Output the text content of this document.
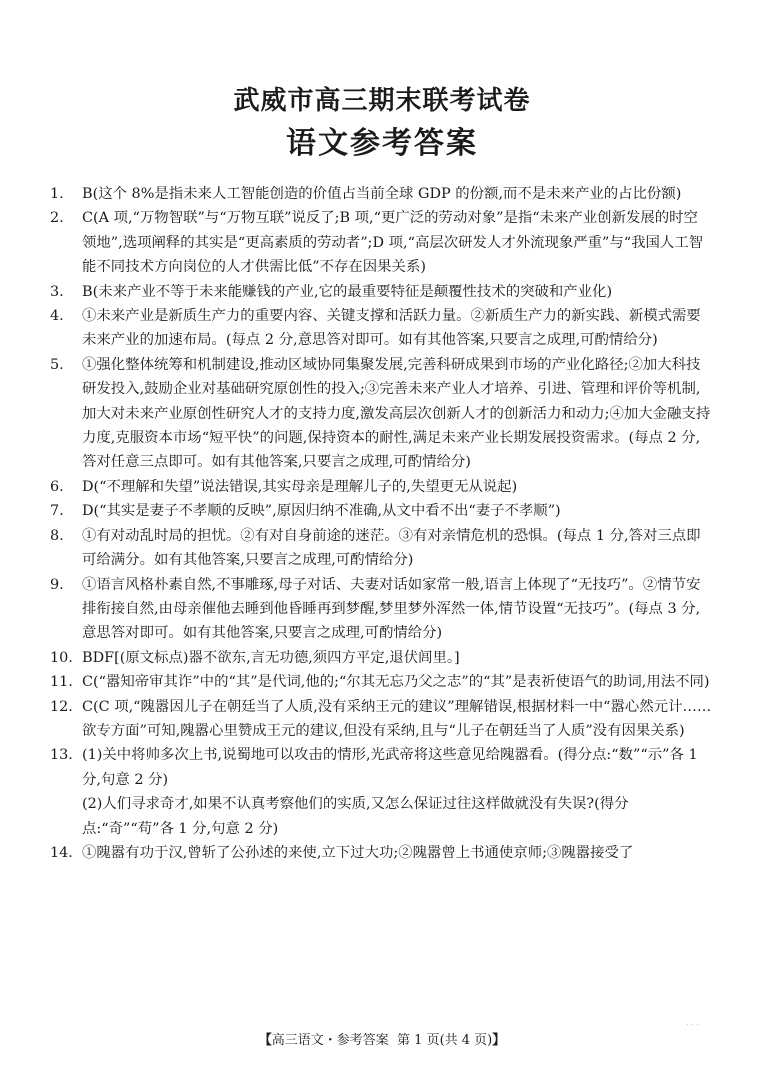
武威市高三期末联考试卷
语文参考答案
1. B(这个 8%是指未来人工智能创造的价值占当前全球 GDP 的份额,而不是未来产业的占比份额)
2. C(A 项,“万物智联”与“万物互联”说反了;B 项,“更广泛的劳动对象”是指“未来产业创新发展的时空领地”,选项阐释的其实是“更高素质的劳动者”;D 项,“高层次研发人才外流现象严重”与“我国人工智能不同技术方向岗位的人才供需比低”不存在因果关系)
3. B(未来产业不等于未来能赚钱的产业,它的最重要特征是颠覆性技术的突破和产业化)
4. ①未来产业是新质生产力的重要内容、关键支撑和活跃力量。②新质生产力的新实践、新模式需要未来产业的加速布局。(每点 2 分,意思答对即可。如有其他答案,只要言之成理,可酌情给分)
5. ①强化整体统筹和机制建设,推动区域协同集聚发展,完善科研成果到市场的产业化路径;②加大科技研发投入,鼓励企业对基础研究原创性的投入;③完善未来产业人才培养、引进、管理和评价等机制,加大对未来产业原创性研究人才的支持力度,激发高层次创新人才的创新活力和动力;④加大金融支持力度,克服资本市场“短平快”的问题,保持资本的耐性,满足未来产业长期发展投资需求。(每点 2 分,答对任意三点即可。如有其他答案,只要言之成理,可酌情给分)
6. D(“不理解和失望”说法错误,其实母亲是理解儿子的,失望更无从说起)
7. D(“其实是妻子不孝顺的反映”,原因归纳不准确,从文中看不出“妻子不孝顺”)
8. ①有对动乱时局的担忧。②有对自身前途的迷茫。③有对亲情危机的恐惧。(每点 1 分,答对三点即可给满分。如有其他答案,只要言之成理,可酌情给分)
9. ①语言风格朴素自然,不事雕琢,母子对话、夫妻对话如家常一般,语言上体现了“无技巧”。②情节安排衔接自然,由母亲催他去睡到他昏睡再到梦醒,梦里梦外浑然一体,情节设置“无技巧”。(每点 3 分,意思答对即可。如有其他答案,只要言之成理,可酌情给分)
10. BDF[(原文标点)器不欲东,言无功德,须四方平定,退伏闾里。]
11. C(“嚣知帝审其诈”中的“其”是代词,他的;“尔其无忘乃父之志”的“其”是表祈使语气的助词,用法不同)
12. C(C 项,“隗嚣因儿子在朝廷当了人质,没有采纳王元的建议”理解错误,根据材料一中“嚣心然元计……欲专方面”可知,隗嚣心里赞成王元的建议,但没有采纳,且与“儿子在朝廷当了人质”没有因果关系)
13. (1)关中将帅多次上书,说蜀地可以攻击的情形,光武帝将这些意见给隗嚣看。(得分点:“数”“示”各 1 分,句意 2 分)
(2)人们寻求奇才,如果不认真考察他们的实质,又怎么保证过往这样做就没有失误?(得分点:“奇”“苟”各 1 分,句意 2 分)
14. ①隗嚣有功于汉,曾斩了公孙述的来使,立下过大功;②隗嚣曾上书通使京师;③隗嚣接受了
. . .
【高三语文・参考答案 第 1 页(共 4 页)】
